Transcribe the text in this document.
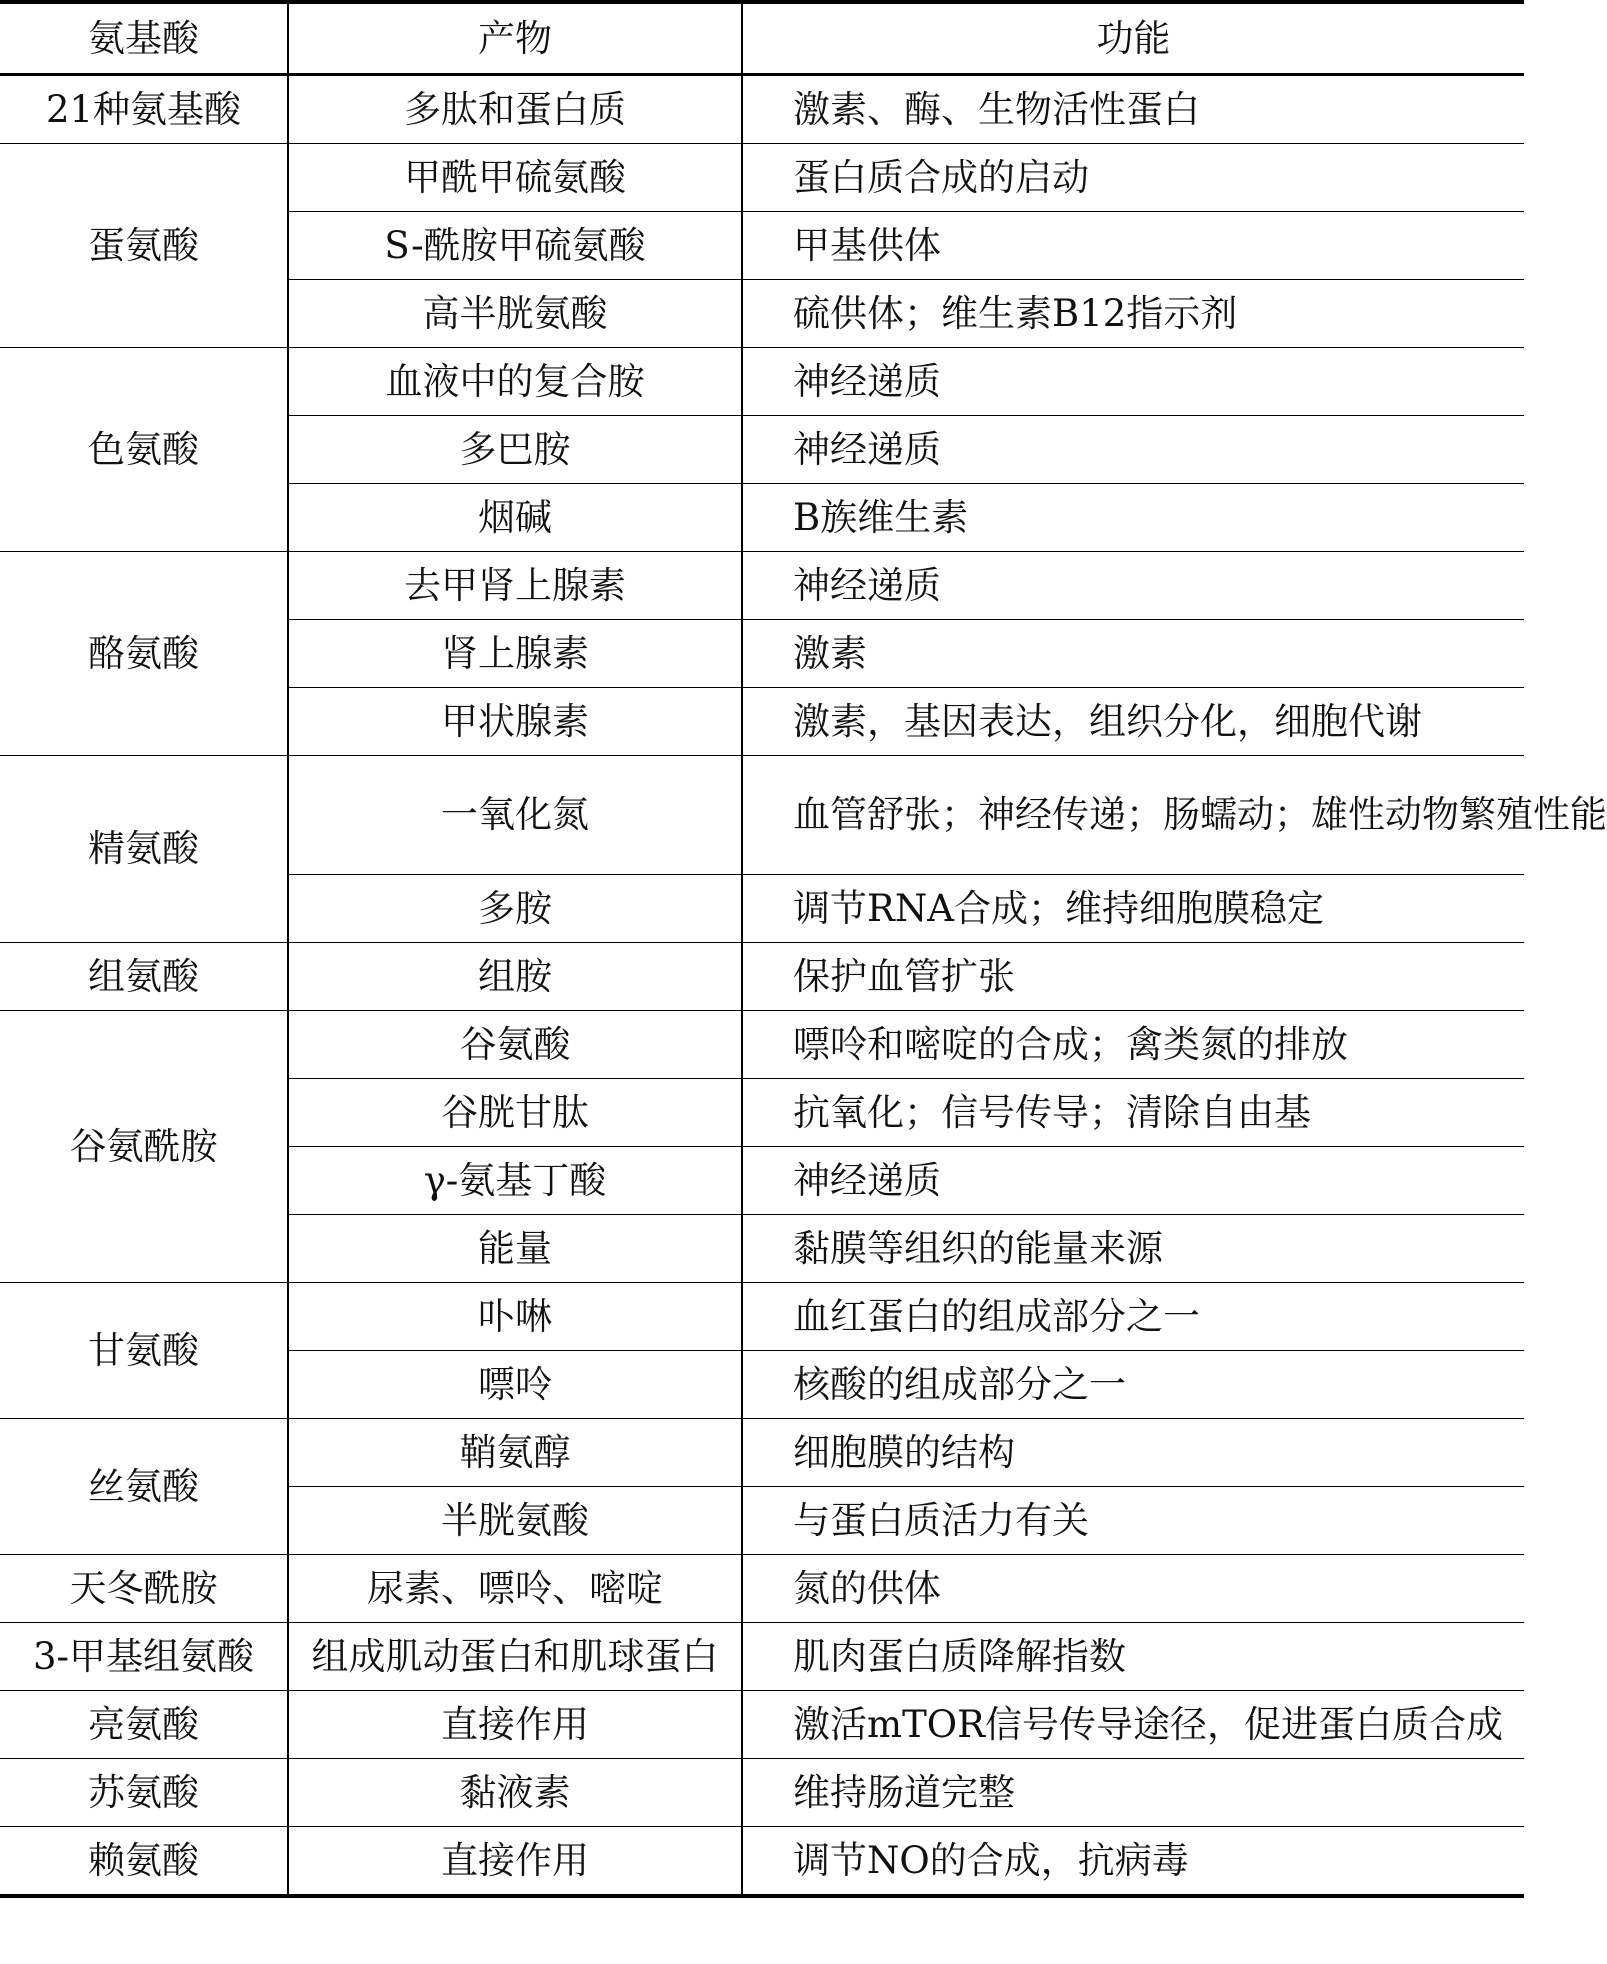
氨基酸	产物	功能
21种氨基酸	多肽和蛋白质	激素、酶、生物活性蛋白
蛋氨酸	甲酰甲硫氨酸	蛋白质合成的启动
	S-酰胺甲硫氨酸	甲基供体
	高半胱氨酸	硫供体；维生素B12指示剂
色氨酸	血液中的复合胺	神经递质
	多巴胺	神经递质
	烟碱	B族维生素
酪氨酸	去甲肾上腺素	神经递质
	肾上腺素	激素
	甲状腺素	激素，基因表达，组织分化，细胞代谢
精氨酸	一氧化氮	血管舒张；神经传递；肠蠕动；雄性动物繁殖性能
	多胺	调节RNA合成；维持细胞膜稳定
组氨酸	组胺	保护血管扩张
谷氨酰胺	谷氨酸	嘌呤和嘧啶的合成；禽类氮的排放
	谷胱甘肽	抗氧化；信号传导；清除自由基
	γ-氨基丁酸	神经递质
	能量	黏膜等组织的能量来源
甘氨酸	卟啉	血红蛋白的组成部分之一
	嘌呤	核酸的组成部分之一
丝氨酸	鞘氨醇	细胞膜的结构
	半胱氨酸	与蛋白质活力有关
天冬酰胺	尿素、嘌呤、嘧啶	氮的供体
3-甲基组氨酸	组成肌动蛋白和肌球蛋白	肌肉蛋白质降解指数
亮氨酸	直接作用	激活mTOR信号传导途径，促进蛋白质合成
苏氨酸	黏液素	维持肠道完整
赖氨酸	直接作用	调节NO的合成，抗病毒
